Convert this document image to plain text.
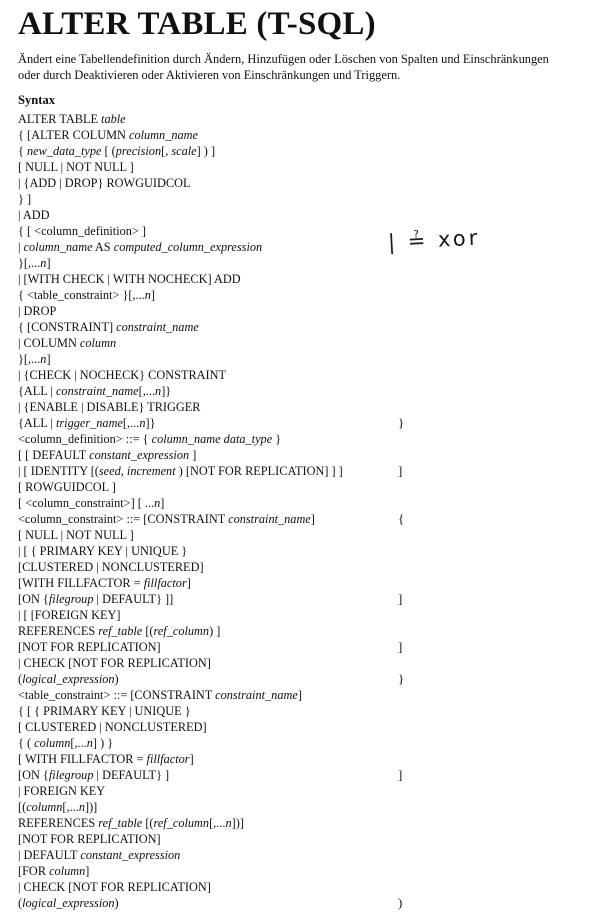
ALTER TABLE (T-SQL)
Ändert eine Tabellendefinition durch Ändern, Hinzufügen oder Löschen von Spalten und Einschränkungen
oder durch Deaktivieren oder Aktivieren von Einschränkungen und Triggern.
Syntax
ALTER TABLE table
{ [ALTER COLUMN column_name
{ new_data_type [ (precision[, scale] ) ]
[ NULL | NOT NULL ]
| {ADD | DROP} ROWGUIDCOL
} ]
| ADD
{ [ <column_definition> ]
| column_name AS computed_column_expression
}[,...n]
| [WITH CHECK | WITH NOCHECK] ADD
{ <table_constraint> }[,...n]
| DROP
{ [CONSTRAINT] constraint_name
| COLUMN column
}[,...n]
| {CHECK | NOCHECK} CONSTRAINT
{ALL | constraint_name[,...n]}
| {ENABLE | DISABLE} TRIGGER
{ALL | trigger_name[,...n]}
<column_definition> ::= { column_name data_type }
[ [ DEFAULT constant_expression ]
| [ IDENTITY [(seed, increment ) [NOT FOR REPLICATION] ] ]
[ ROWGUIDCOL ]
[ <column_constraint>] [ ...n]
<column_constraint> ::= [CONSTRAINT constraint_name]
[ NULL | NOT NULL ]
| [ { PRIMARY KEY | UNIQUE }
[CLUSTERED | NONCLUSTERED]
[WITH FILLFACTOR = fillfactor]
[ON {filegroup | DEFAULT} ]]
| [ [FOREIGN KEY]
REFERENCES ref_table [(ref_column) ]
[NOT FOR REPLICATION]
| CHECK [NOT FOR REPLICATION]
(logical_expression)
<table_constraint> ::= [CONSTRAINT constraint_name]
{ [ { PRIMARY KEY | UNIQUE }
[ CLUSTERED | NONCLUSTERED]
{ ( column[,...n] ) }
[ WITH FILLFACTOR = fillfactor]
[ON {filegroup | DEFAULT} ]
| FOREIGN KEY
[(column[,...n])]
REFERENCES ref_table [(ref_column[,...n])]
[NOT FOR REPLICATION]
| DEFAULT constant_expression
[FOR column]
| CHECK [NOT FOR REPLICATION]
(logical_expression)
}
]
{
]
]
}
]
)
| ≟ xor
